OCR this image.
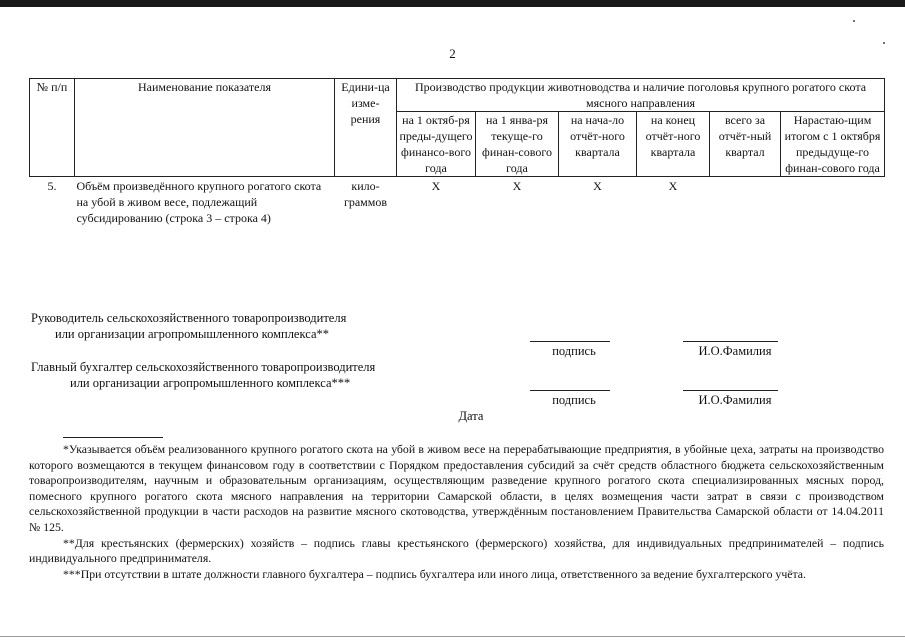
2
№ п/п	Наименование показателя	Едини-ца изме-рения	Производство продукции животноводства и наличие поголовья крупного рогатого скота мясного направления					
			на 1 октяб-ря преды-дущего финансо-вого года	на 1 янва-ря текуще-го финан-сового года	на нача-ло отчёт-ного квартала	на конец отчёт-ного квартала	всего за отчёт-ный квартал	Нарастаю-щим итогом с 1 октября предыдуще-го финан-сового года
5.	Объём произведённого крупного рогатого скота на убой в живом весе, подлежащий субсидированию (строка 3 – строка 4)	кило-граммов	Х	Х	Х	Х		
Руководитель сельскохозяйственного товаропроизводителя
или организации агропромышленного комплекса**
подпись	И.О.Фамилия
Главный бухгалтер сельскохозяйственного товаропроизводителя
или организации агропромышленного комплекса***
подпись	И.О.Фамилия
Дата

*Указывается объём реализованного крупного рогатого скота на убой в живом весе на перерабатывающие предприятия, в убойные цеха, затраты на производство которого возмещаются в текущем финансовом году в соответствии с Порядком предоставления субсидий за счёт средств областного бюджета сельскохозяйственным товаропроизводителям, научным и образовательным организациям, осуществляющим разведение крупного рогатого скота специализированных мясных пород, помесного крупного рогатого скота мясного направления на территории Самарской области, в целях возмещения части затрат в связи с производством сельскохозяйственной продукции в части расходов на развитие мясного скотоводства, утверждённым постановлением Правительства Самарской области от 14.04.2011 № 125.

**Для крестьянских (фермерских) хозяйств – подпись главы крестьянского (фермерского) хозяйства, для индивидуальных предпринимателей – подпись индивидуального предпринимателя.

***При отсутствии в штате должности главного бухгалтера – подпись бухгалтера или иного лица, ответственного за ведение бухгалтерского учёта.
